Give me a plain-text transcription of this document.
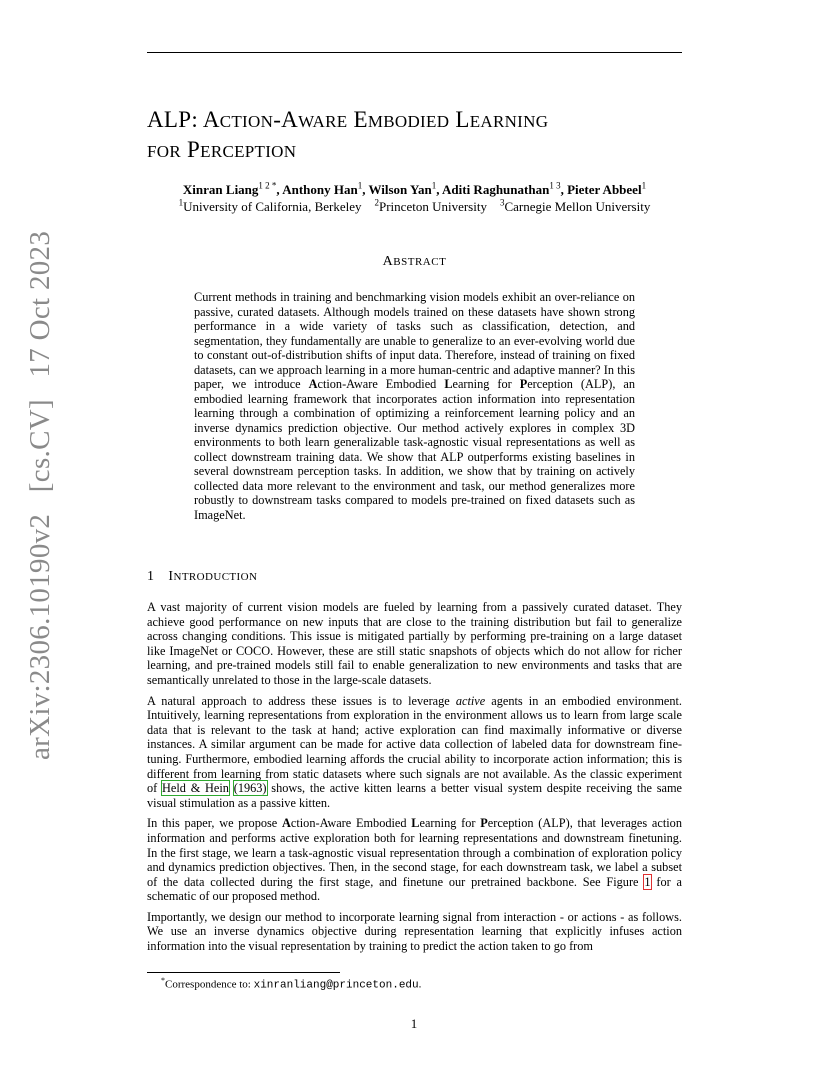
arXiv:2306.10190v2 [cs.CV] 17 Oct 2023
ALP: ACTION-AWARE EMBODIED LEARNING
FOR PERCEPTION
Xinran Liang$^{1 2 *}$, Anthony Han$^1$, Wilson Yan$^1$, Aditi Raghunathan$^{1 3}$, Pieter Abbeel$^1$
$^1$University of California, Berkeley  $^2$Princeton University  $^3$Carnegie Mellon University
ABSTRACT
Current methods in training and benchmarking vision models exhibit an over-reliance on passive, curated datasets. Although models trained on these datasets have shown strong performance in a wide variety of tasks such as classification, detection, and segmentation, they fundamentally are unable to generalize to an ever-evolving world due to constant out-of-distribution shifts of input data. Therefore, instead of training on fixed datasets, can we approach learning in a more human-centric and adaptive manner? In this paper, we introduce Action-Aware Embodied Learning for Perception (ALP), an embodied learning framework that incorporates action information into representation learning through a combination of optimizing a reinforcement learning policy and an inverse dynamics prediction objective. Our method actively explores in complex 3D environments to both learn generalizable task-agnostic visual representations as well as collect downstream training data. We show that ALP outperforms existing baselines in several downstream perception tasks. In addition, we show that by training on actively collected data more relevant to the environment and task, our method generalizes more robustly to downstream tasks compared to models pre-trained on fixed datasets such as ImageNet.
1 INTRODUCTION

A vast majority of current vision models are fueled by learning from a passively curated dataset. They achieve good performance on new inputs that are close to the training distribution but fail to generalize across changing conditions. This issue is mitigated partially by performing pre-training on a large dataset like ImageNet or COCO. However, these are still static snapshots of objects which do not allow for richer learning, and pre-trained models still fail to enable generalization to new environments and tasks that are semantically unrelated to those in the large-scale datasets.

A natural approach to address these issues is to leverage active agents in an embodied environment. Intuitively, learning representations from exploration in the environment allows us to learn from large scale data that is relevant to the task at hand; active exploration can find maximally informative or diverse instances. A similar argument can be made for active data collection of labeled data for downstream fine-tuning. Furthermore, embodied learning affords the crucial ability to incorporate action information; this is different from learning from static datasets where such signals are not available. As the classic experiment of Held & Hein (1963) shows, the active kitten learns a better visual system despite receiving the same visual stimulation as a passive kitten.

In this paper, we propose Action-Aware Embodied Learning for Perception (ALP), that leverages action information and performs active exploration both for learning representations and downstream finetuning. In the first stage, we learn a task-agnostic visual representation through a combination of exploration policy and dynamics prediction objectives. Then, in the second stage, for each downstream task, we label a subset of the data collected during the first stage, and finetune our pretrained backbone. See Figure 1 for a schematic of our proposed method.

Importantly, we design our method to incorporate learning signal from interaction - or actions - as follows. We use an inverse dynamics objective during representation learning that explicitly infuses action information into the visual representation by training to predict the action taken to go from

*Correspondence to: xinranliang@princeton.edu.
1
